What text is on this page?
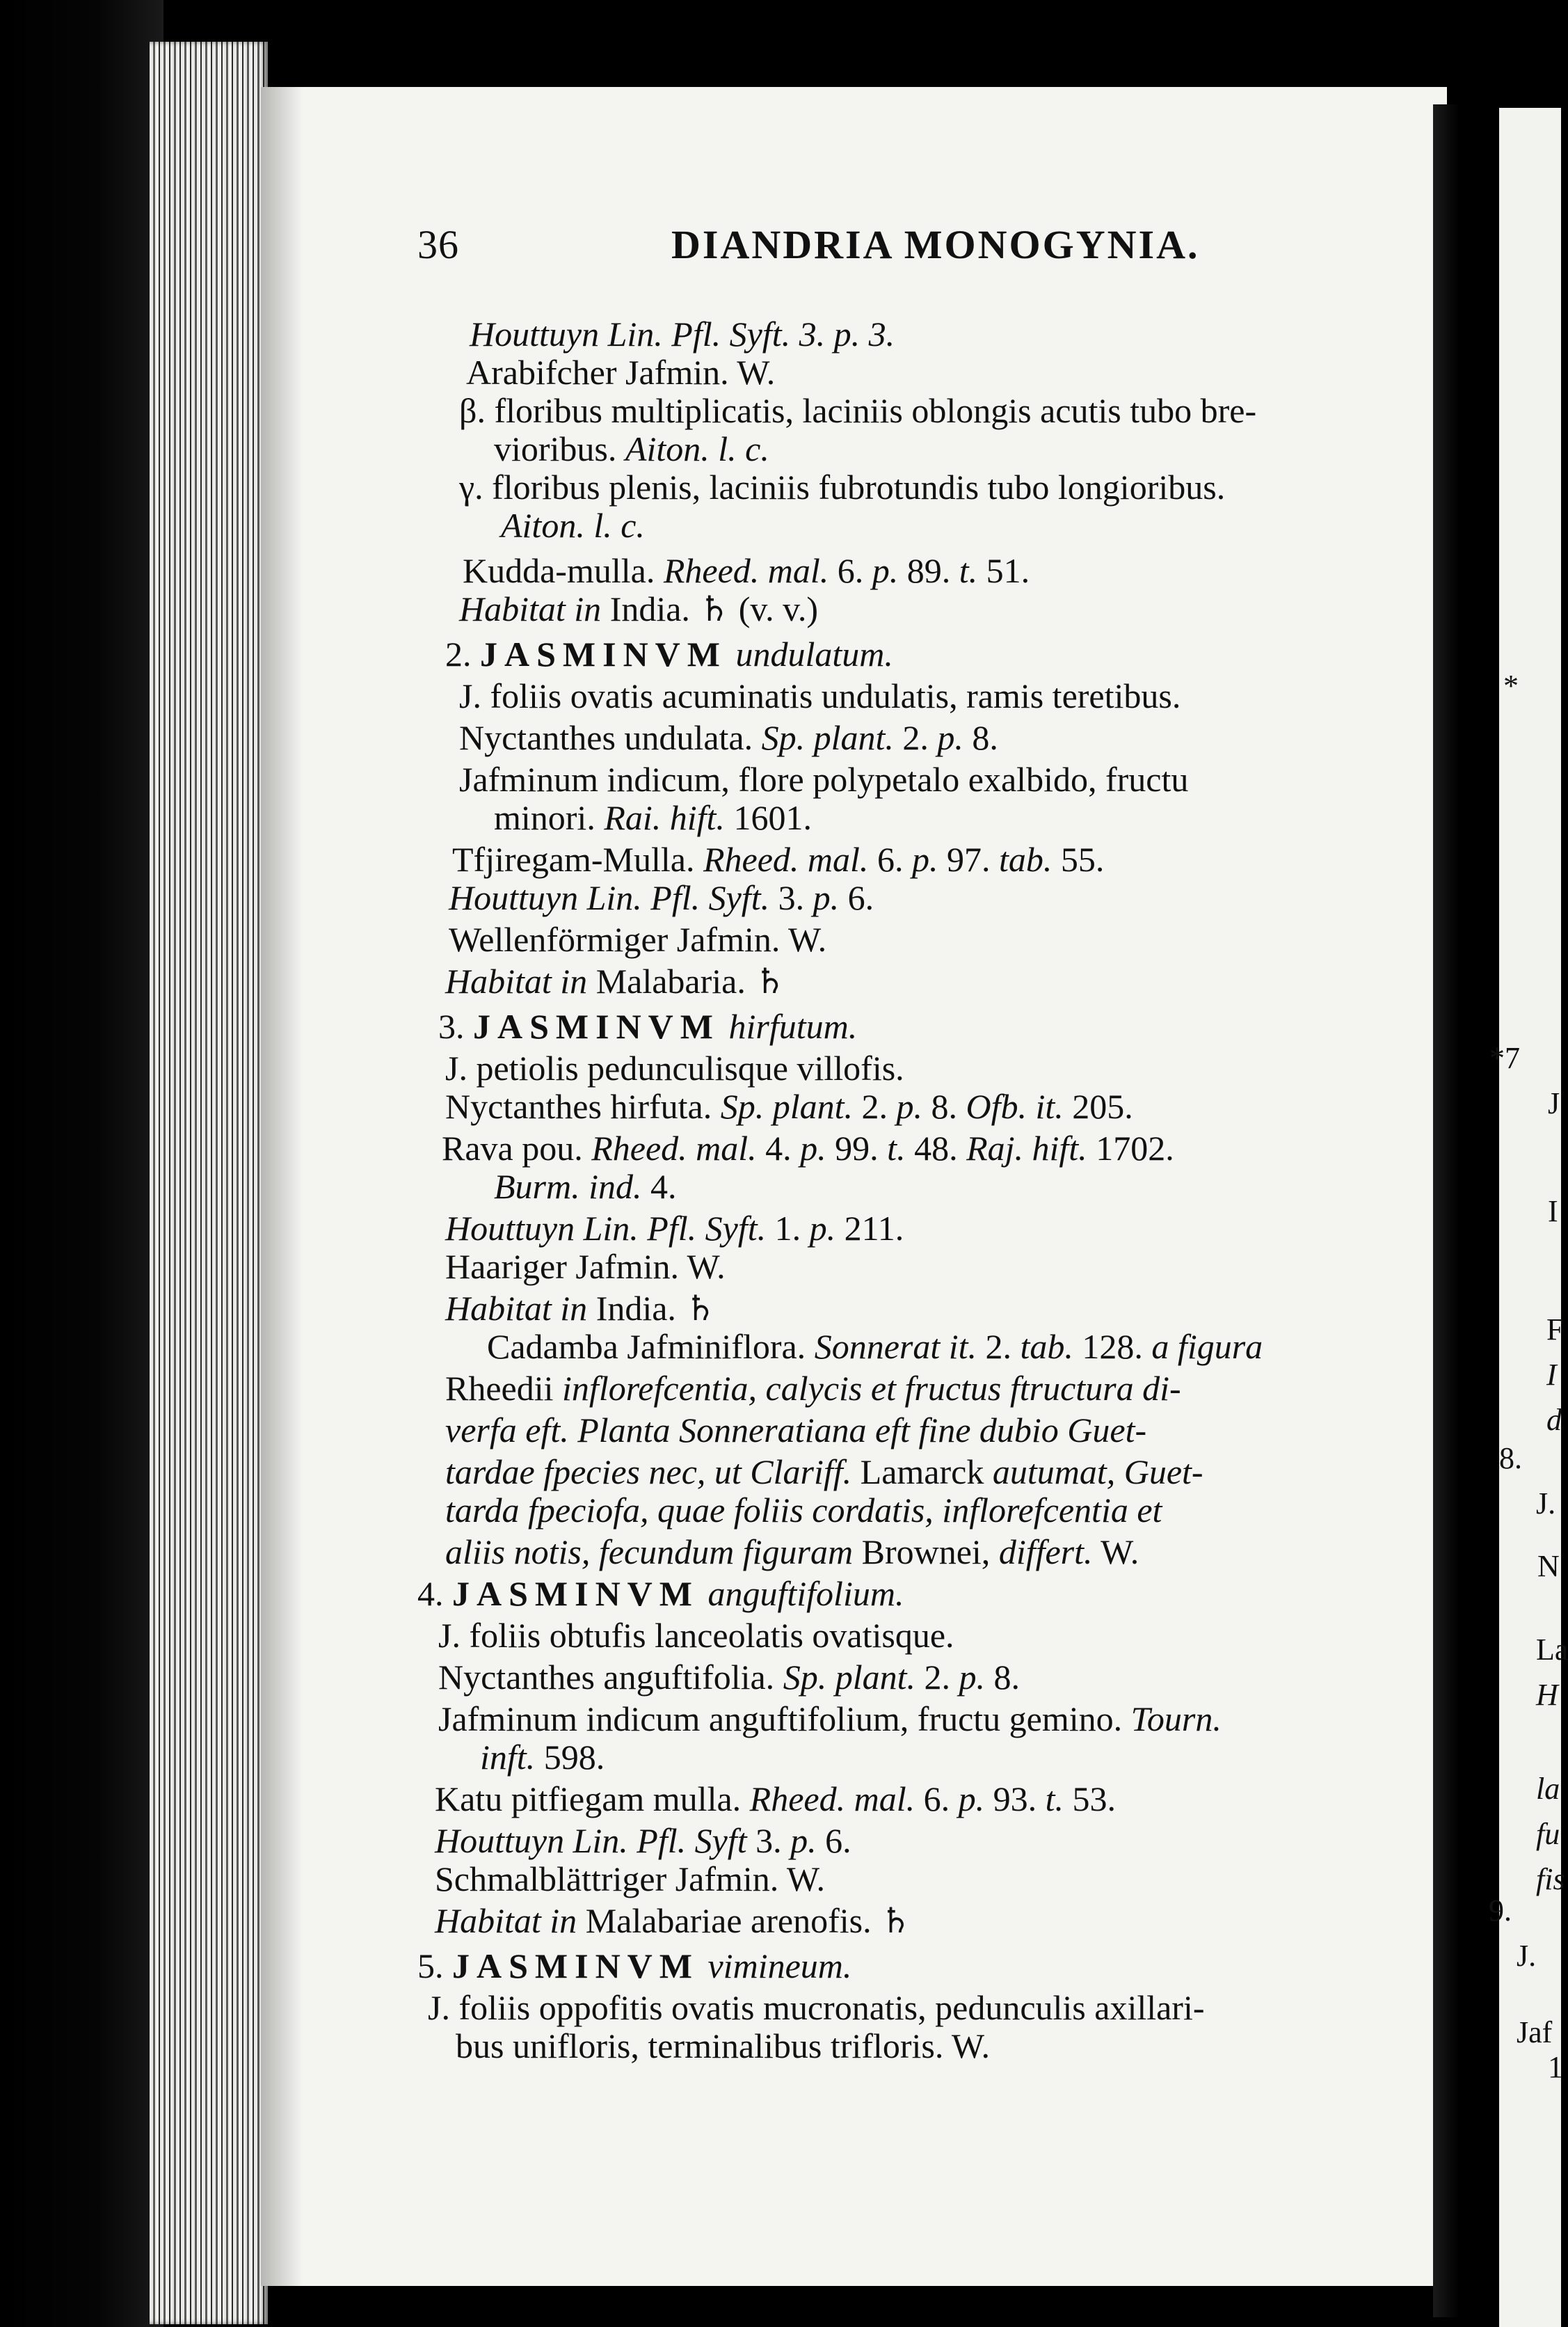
*
*7
J
I
F
I
d
8.
J.
N
La
H
la
fu
fis
9.
J.
Jaf
1
36	DIANDRIA MONOGYNIA.
Houttuyn Lin. Pfl. Syft. 3. p. 3.
Arabifcher Jafmin. W.
β. floribus multiplicatis, laciniis oblongis acutis tubo bre-
vioribus. Aiton. l. c.
γ. floribus plenis, laciniis fubrotundis tubo longioribus.
Aiton. l. c.
Kudda-mulla. Rheed. mal. 6. p. 89. t. 51.
Habitat in India. ♄ (v. v.)
2. JASMINVM undulatum.
J. foliis ovatis acuminatis undulatis, ramis teretibus.
Nyctanthes undulata. Sp. plant. 2. p. 8.
Jafminum indicum, flore polypetalo exalbido, fructu
minori. Rai. hift. 1601.
Tfjiregam-Mulla. Rheed. mal. 6. p. 97. tab. 55.
Houttuyn Lin. Pfl. Syft. 3. p. 6.
Wellenförmiger Jafmin. W.
Habitat in Malabaria. ♄
3. JASMINVM hirfutum.
J. petiolis pedunculisque villofis.
Nyctanthes hirfuta. Sp. plant. 2. p. 8. Ofb. it. 205.
Rava pou. Rheed. mal. 4. p. 99. t. 48. Raj. hift. 1702.
Burm. ind. 4.
Houttuyn Lin. Pfl. Syft. 1. p. 211.
Haariger Jafmin. W.
Habitat in India. ♄
Cadamba Jafminiflora. Sonnerat it. 2. tab. 128. a figura
Rheedii inflorefcentia, calycis et fructus ftructura di-
verfa eft. Planta Sonneratiana eft fine dubio Guet-
tardae fpecies nec, ut Clariff. Lamarck autumat, Guet-
tarda fpeciofa, quae foliis cordatis, inflorefcentia et
aliis notis, fecundum figuram Brownei, differt. W.
4. JASMINVM anguftifolium.
J. foliis obtufis lanceolatis ovatisque.
Nyctanthes anguftifolia. Sp. plant. 2. p. 8.
Jafminum indicum anguftifolium, fructu gemino. Tourn.
inft. 598.
Katu pitfiegam mulla. Rheed. mal. 6. p. 93. t. 53.
Houttuyn Lin. Pfl. Syft 3. p. 6.
Schmalblättriger Jafmin. W.
Habitat in Malabariae arenofis. ♄
5. JASMINVM vimineum.
J. foliis oppofitis ovatis mucronatis, pedunculis axillari-
bus unifloris, terminalibus trifloris. W.
